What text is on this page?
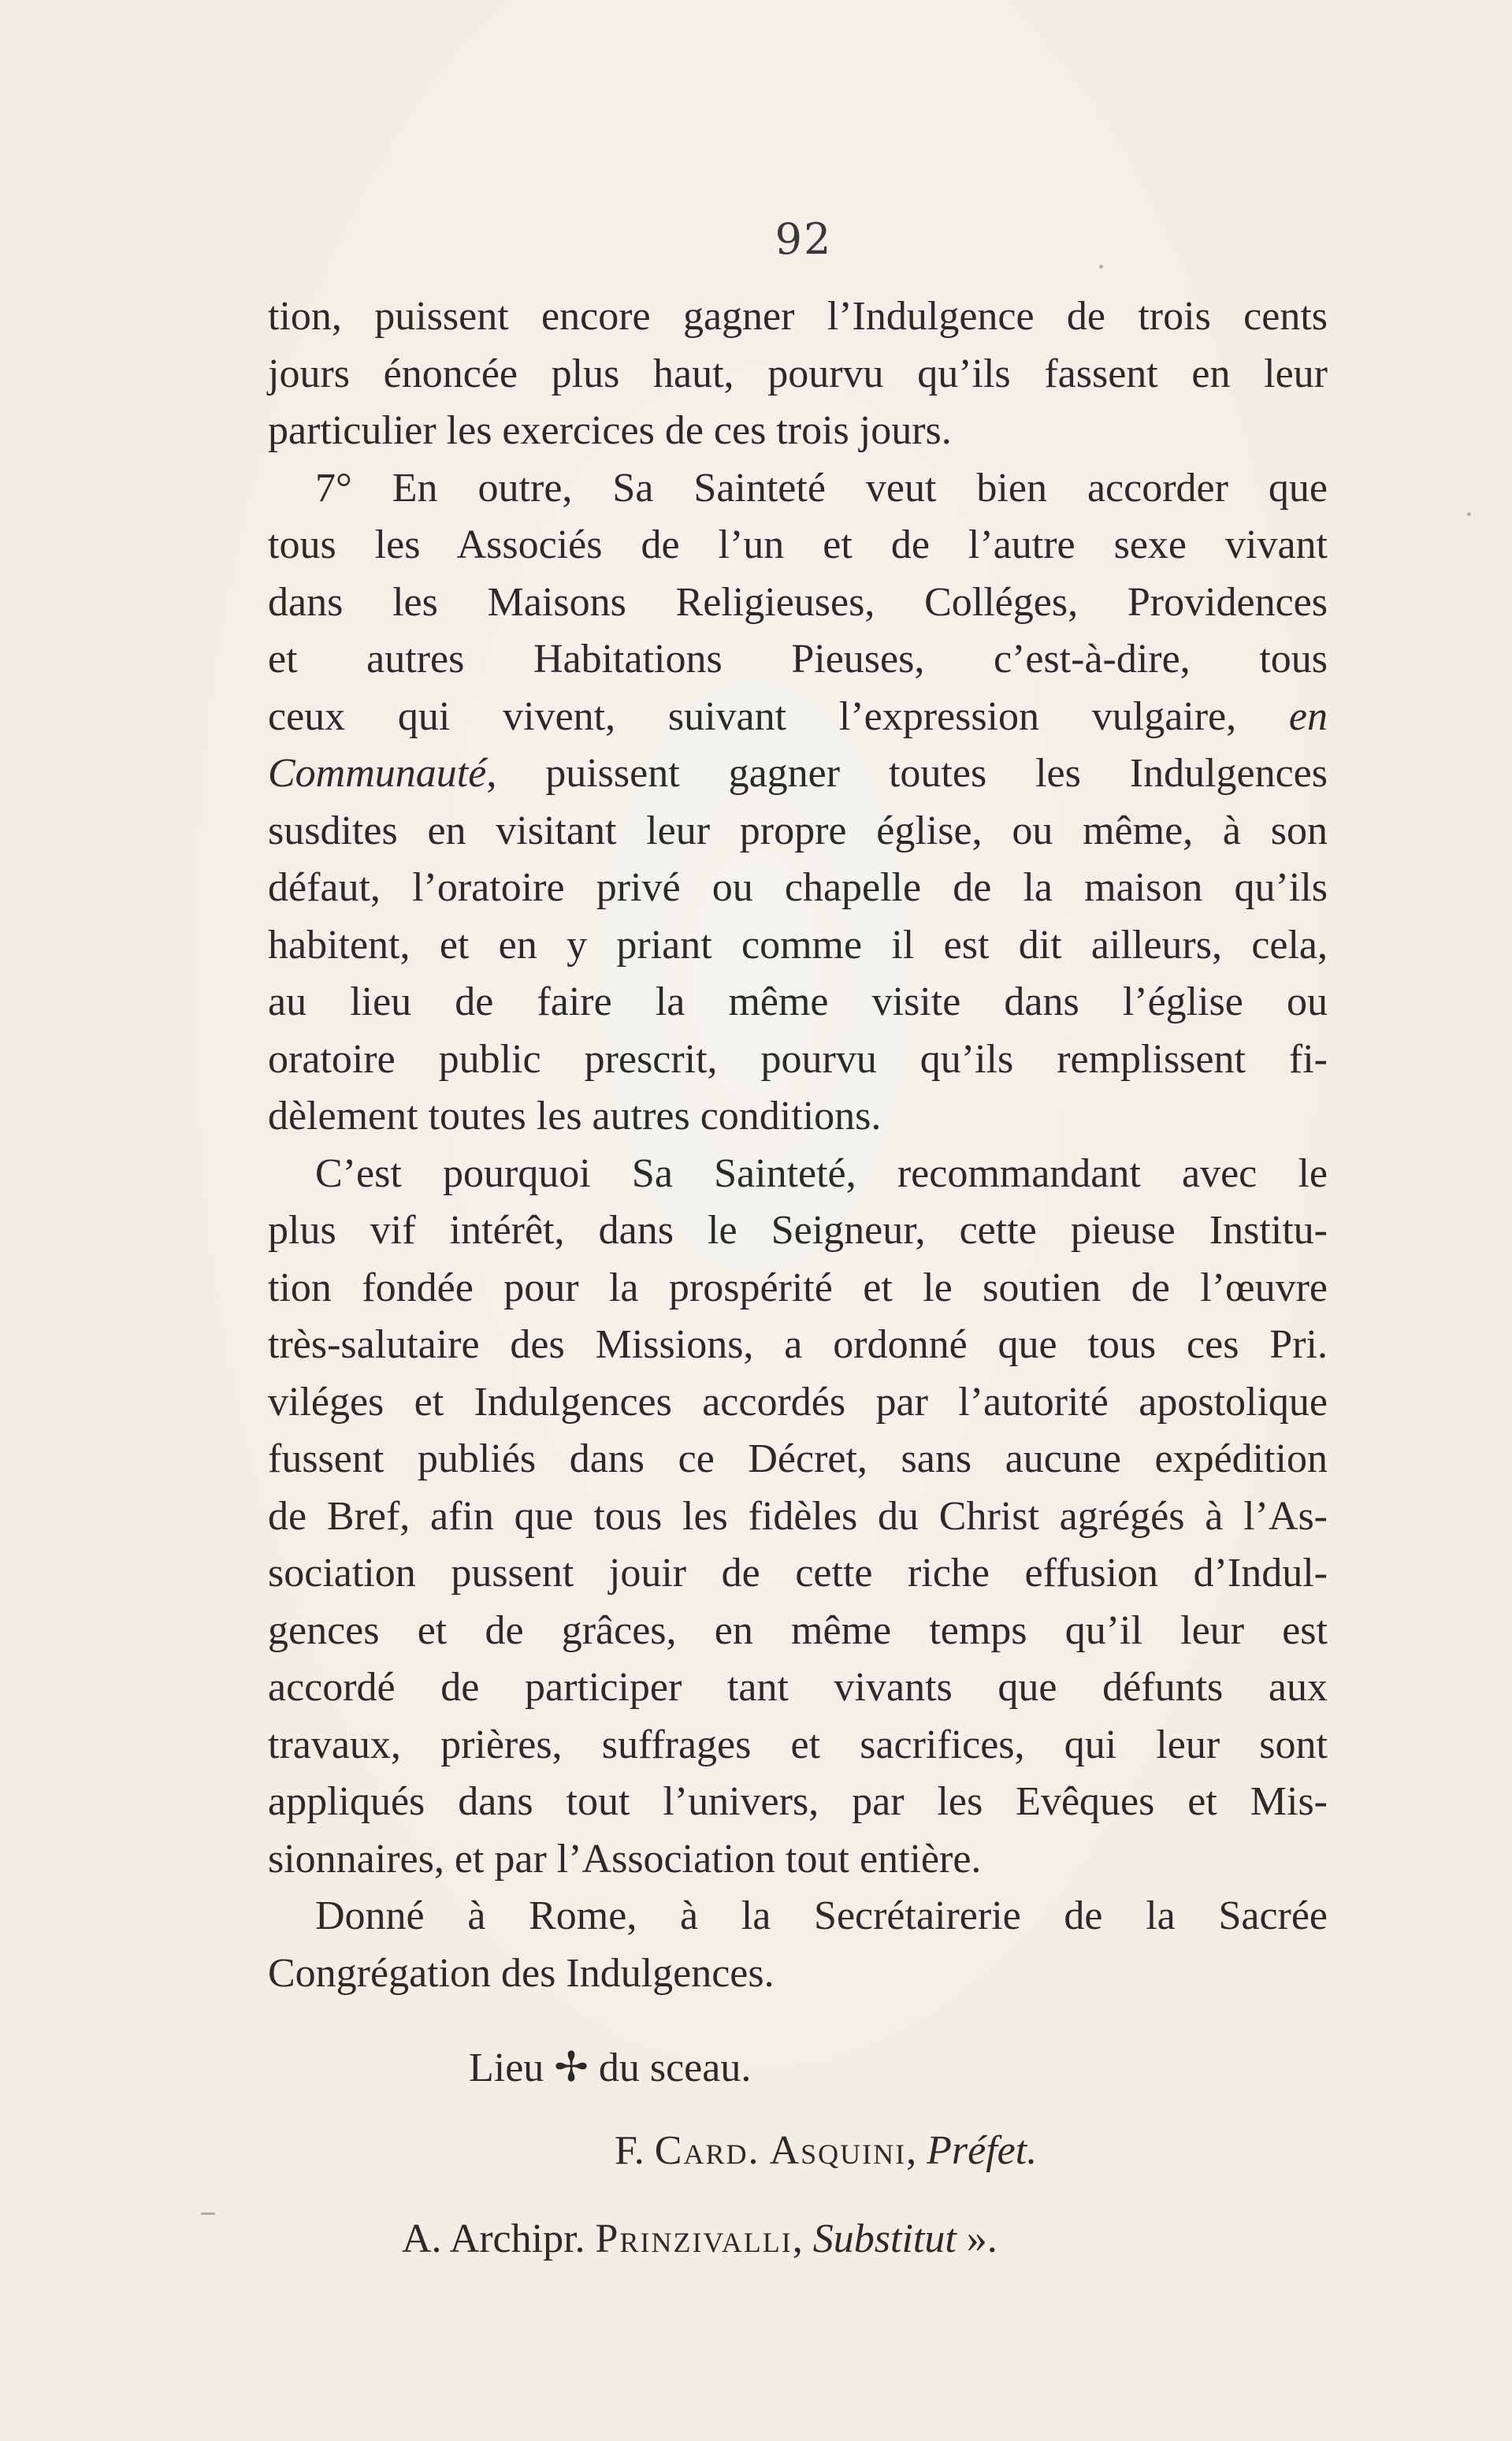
92
tion, puissent encore gagner l’Indulgence de trois cents
jours énoncée plus haut, pourvu qu’ils fassent en leur
particulier les exercices de ces trois jours.
7° En outre, Sa Sainteté veut bien accorder que
tous les Associés de l’un et de l’autre sexe vivant
dans les Maisons Religieuses, Colléges, Providences
et autres Habitations Pieuses, c’est-à-dire, tous
ceux qui vivent, suivant l’expression vulgaire, en
Communauté, puissent gagner toutes les Indulgences
susdites en visitant leur propre église, ou même, à son
défaut, l’oratoire privé ou chapelle de la maison qu’ils
habitent, et en y priant comme il est dit ailleurs, cela,
au lieu de faire la même visite dans l’église ou
oratoire public prescrit, pourvu qu’ils remplissent fi-
dèlement toutes les autres conditions.
C’est pourquoi Sa Sainteté, recommandant avec le
plus vif intérêt, dans le Seigneur, cette pieuse Institu-
tion fondée pour la prospérité et le soutien de l’œuvre
très-salutaire des Missions, a ordonné que tous ces Pri.
viléges et Indulgences accordés par l’autorité apostolique
fussent publiés dans ce Décret, sans aucune expédition
de Bref, afin que tous les fidèles du Christ agrégés à l’As-
sociation pussent jouir de cette riche effusion d’Indul-
gences et de grâces, en même temps qu’il leur est
accordé de participer tant vivants que défunts aux
travaux, prières, suffrages et sacrifices, qui leur sont
appliqués dans tout l’univers, par les Evêques et Mis-
sionnaires, et par l’Association tout entière.
Donné à Rome, à la Secrétairerie de la Sacrée
Congrégation des Indulgences.
Lieu ✢ du sceau.
F. Card. Asquini, Préfet.
A. Archipr. Prinzivalli, Substitut ».
